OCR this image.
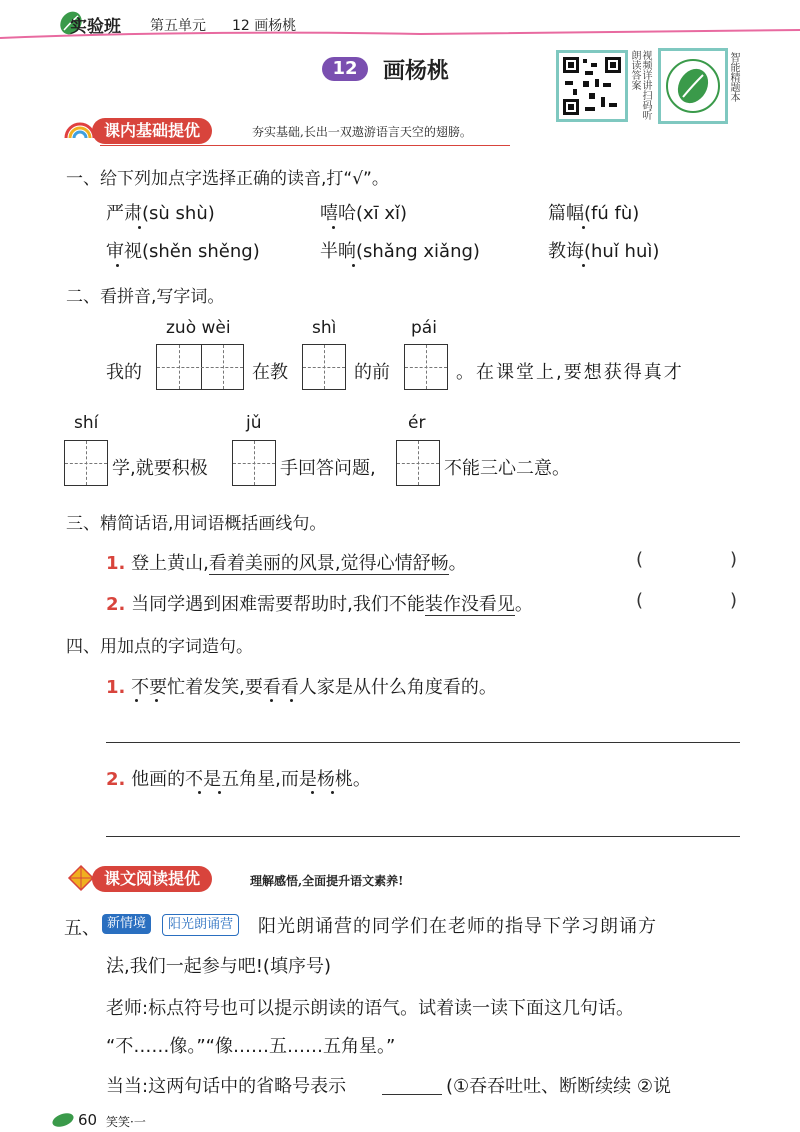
实验班 第五单元 12 画杨桃
12	画杨桃	视频详讲扫码听朗读答案	智能精题本
课内基础提优	夯实基础,长出一双遨游语言天空的翅膀。
一、给下列加点字选择正确的读音,打“√”。
严肃(sù shù)	嘻哈(xī xǐ)	篇幅(fú fù)
审视(shěn shěng)	半晌(shǎng xiǎng)	教诲(huǐ huì)
二、看拼音,写字词。
zuò wèi	shì	pái
我的	在教	的前	。在课堂上,要想获得真才
shí	jǔ	ér
学,就要积极	手回答问题,	不能三心二意。
三、精简话语,用词语概括画线句。
1. 登上黄山,看着美丽的风景,觉得心情舒畅。	(	)
2. 当同学遇到困难需要帮助时,我们不能装作没看见。	(	)
四、用加点的字词造句。
1. 不要忙着发笑,要看看人家是从什么角度看的。
2. 他画的不是五角星,而是杨桃。
课文阅读提优	理解感悟,全面提升语文素养!
五、 新情境	阳光朗诵营	阳光朗诵营的同学们在老师的指导下学习朗诵方
法,我们一起参与吧!(填序号)
老师:标点符号也可以提示朗读的语气。试着读一读下面这几句话。
“不……像。”“像……五……五角星。”
当当:这两句话中的省略号表示	(①吞吞吐吐、断断续续 ②说
60 笑笑·一
